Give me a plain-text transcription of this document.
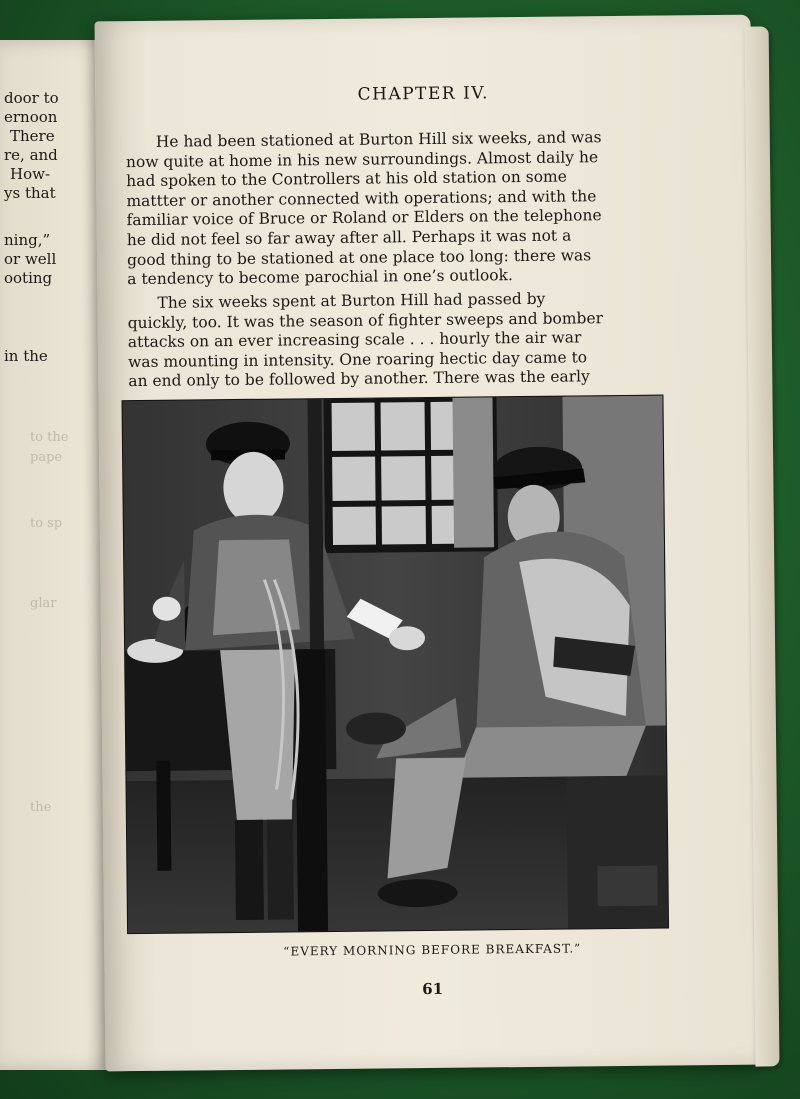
door to
ernoon
There
re, and
How-
ys that
ning,”
or well
ooting
in the
to the
pape
to sp
glar
the
CHAPTER IV.
He had been stationed at Burton Hill six weeks, and was
now quite at home in his new surroundings. Almost daily he
had spoken to the Controllers at his old station on some
mattter or another connected with operations; and with the
familiar voice of Bruce or Roland or Elders on the telephone
he did not feel so far away after all. Perhaps it was not a
good thing to be stationed at one place too long: there was
a tendency to become parochial in one’s outlook.
The six weeks spent at Burton Hill had passed by
quickly, too. It was the season of fighter sweeps and bomber
attacks on an ever increasing scale . . . hourly the air war
was mounting in intensity. One roaring hectic day came to
an end only to be followed by another. There was the early
“EVERY MORNING BEFORE BREAKFAST.”
61
